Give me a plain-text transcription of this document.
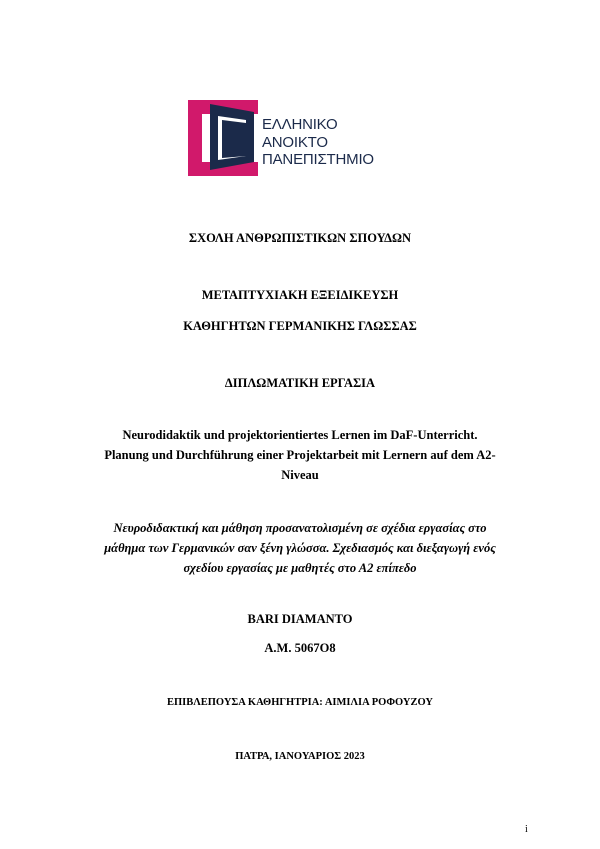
ΕΛΛΗΝΙΚΟ
ΑΝΟΙΚΤΟ
ΠΑΝΕΠΙΣΤΗΜΙΟ
ΣΧΟΛΗ ΑΝΘΡΩΠΙΣΤΙΚΩΝ ΣΠΟΥΔΩΝ
ΜΕΤΑΠΤΥΧΙΑΚΗ ΕΞΕΙΔΙΚΕΥΣΗ
ΚΑΘΗΓΗΤΩΝ ΓΕΡΜΑΝΙΚΗΣ ΓΛΩΣΣΑΣ
ΔΙΠΛΩΜΑΤΙΚΗ ΕΡΓΑΣΙΑ
Neurodidaktik und projektorientiertes Lernen im DaF-Unterricht.
Planung und Durchführung einer Projektarbeit mit Lernern auf dem A2-
Niveau
Νευροδιδακτική και μάθηση προσανατολισμένη σε σχέδια εργασίας στο
μάθημα των Γερμανικών σαν ξένη γλώσσα. Σχεδιασμός και διεξαγωγή ενός
σχεδίου εργασίας με μαθητές στο Α2 επίπεδο
BARI DIAMANTO
A.M. 5067O8
ΕΠΙΒΛΕΠΟΥΣΑ ΚΑΘΗΓΗΤΡΙΑ: ΑΙΜΙΛΙΑ ΡΟΦΟΥΖΟΥ
ΠΑΤΡΑ, ΙΑΝΟΥΑΡΙΟΣ 2023
i
